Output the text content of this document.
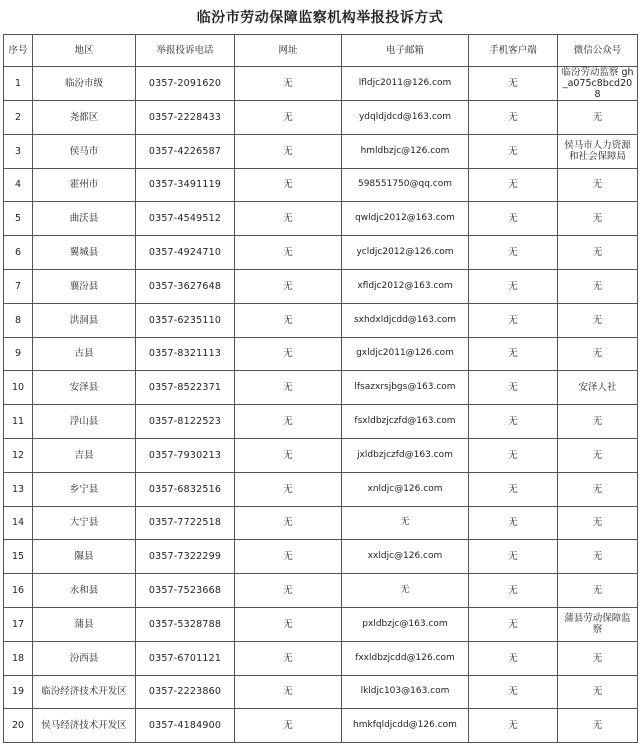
临汾市劳动保障监察机构举报投诉方式
序号	地区	举报投诉电话	网址	电子邮箱	手机客户端	微信公众号
1	临汾市级	0357-2091620	无	lfldjc2011@126.com	无	临汾劳动监察 gh_a075c8bcd208
2	尧都区	0357-2228433	无	ydqldjdcd@163.com	无	无
3	侯马市	0357-4226587	无	hmldbzjc@126.com	无	侯马市人力资源和社会保障局
4	霍州市	0357-3491119	无	598551750@qq.com	无	无
5	曲沃县	0357-4549512	无	qwldjc2012@163.com	无	无
6	翼城县	0357-4924710	无	ycldjc2012@126.com	无	无
7	襄汾县	0357-3627648	无	xfldjc2012@163.com	无	无
8	洪洞县	0357-6235110	无	sxhdxldjcdd@163.com	无	无
9	古县	0357-8321113	无	gxldjc2011@126.com	无	无
10	安泽县	0357-8522371	无	lfsazxrsjbgs@163.com	无	安泽人社
11	浮山县	0357-8122523	无	fsxldbzjczfd@163.com	无	无
12	吉县	0357-7930213	无	jxldbzjczfd@163.com	无	无
13	乡宁县	0357-6832516	无	xnldjc@126.com	无	无
14	大宁县	0357-7722518	无	无	无	无
15	隰县	0357-7322299	无	xxldjc@126.com	无	无
16	永和县	0357-7523668	无	无	无	无
17	蒲县	0357-5328788	无	pxldbzjc@163.com	无	蒲县劳动保障监察
18	汾西县	0357-6701121	无	fxxldbzjcdd@126.com	无	无
19	临汾经济技术开发区	0357-2223860	无	lkldjc103@163.com	无	无
20	侯马经济技术开发区	0357-4184900	无	hmkfqldjcdd@126.com	无	无
